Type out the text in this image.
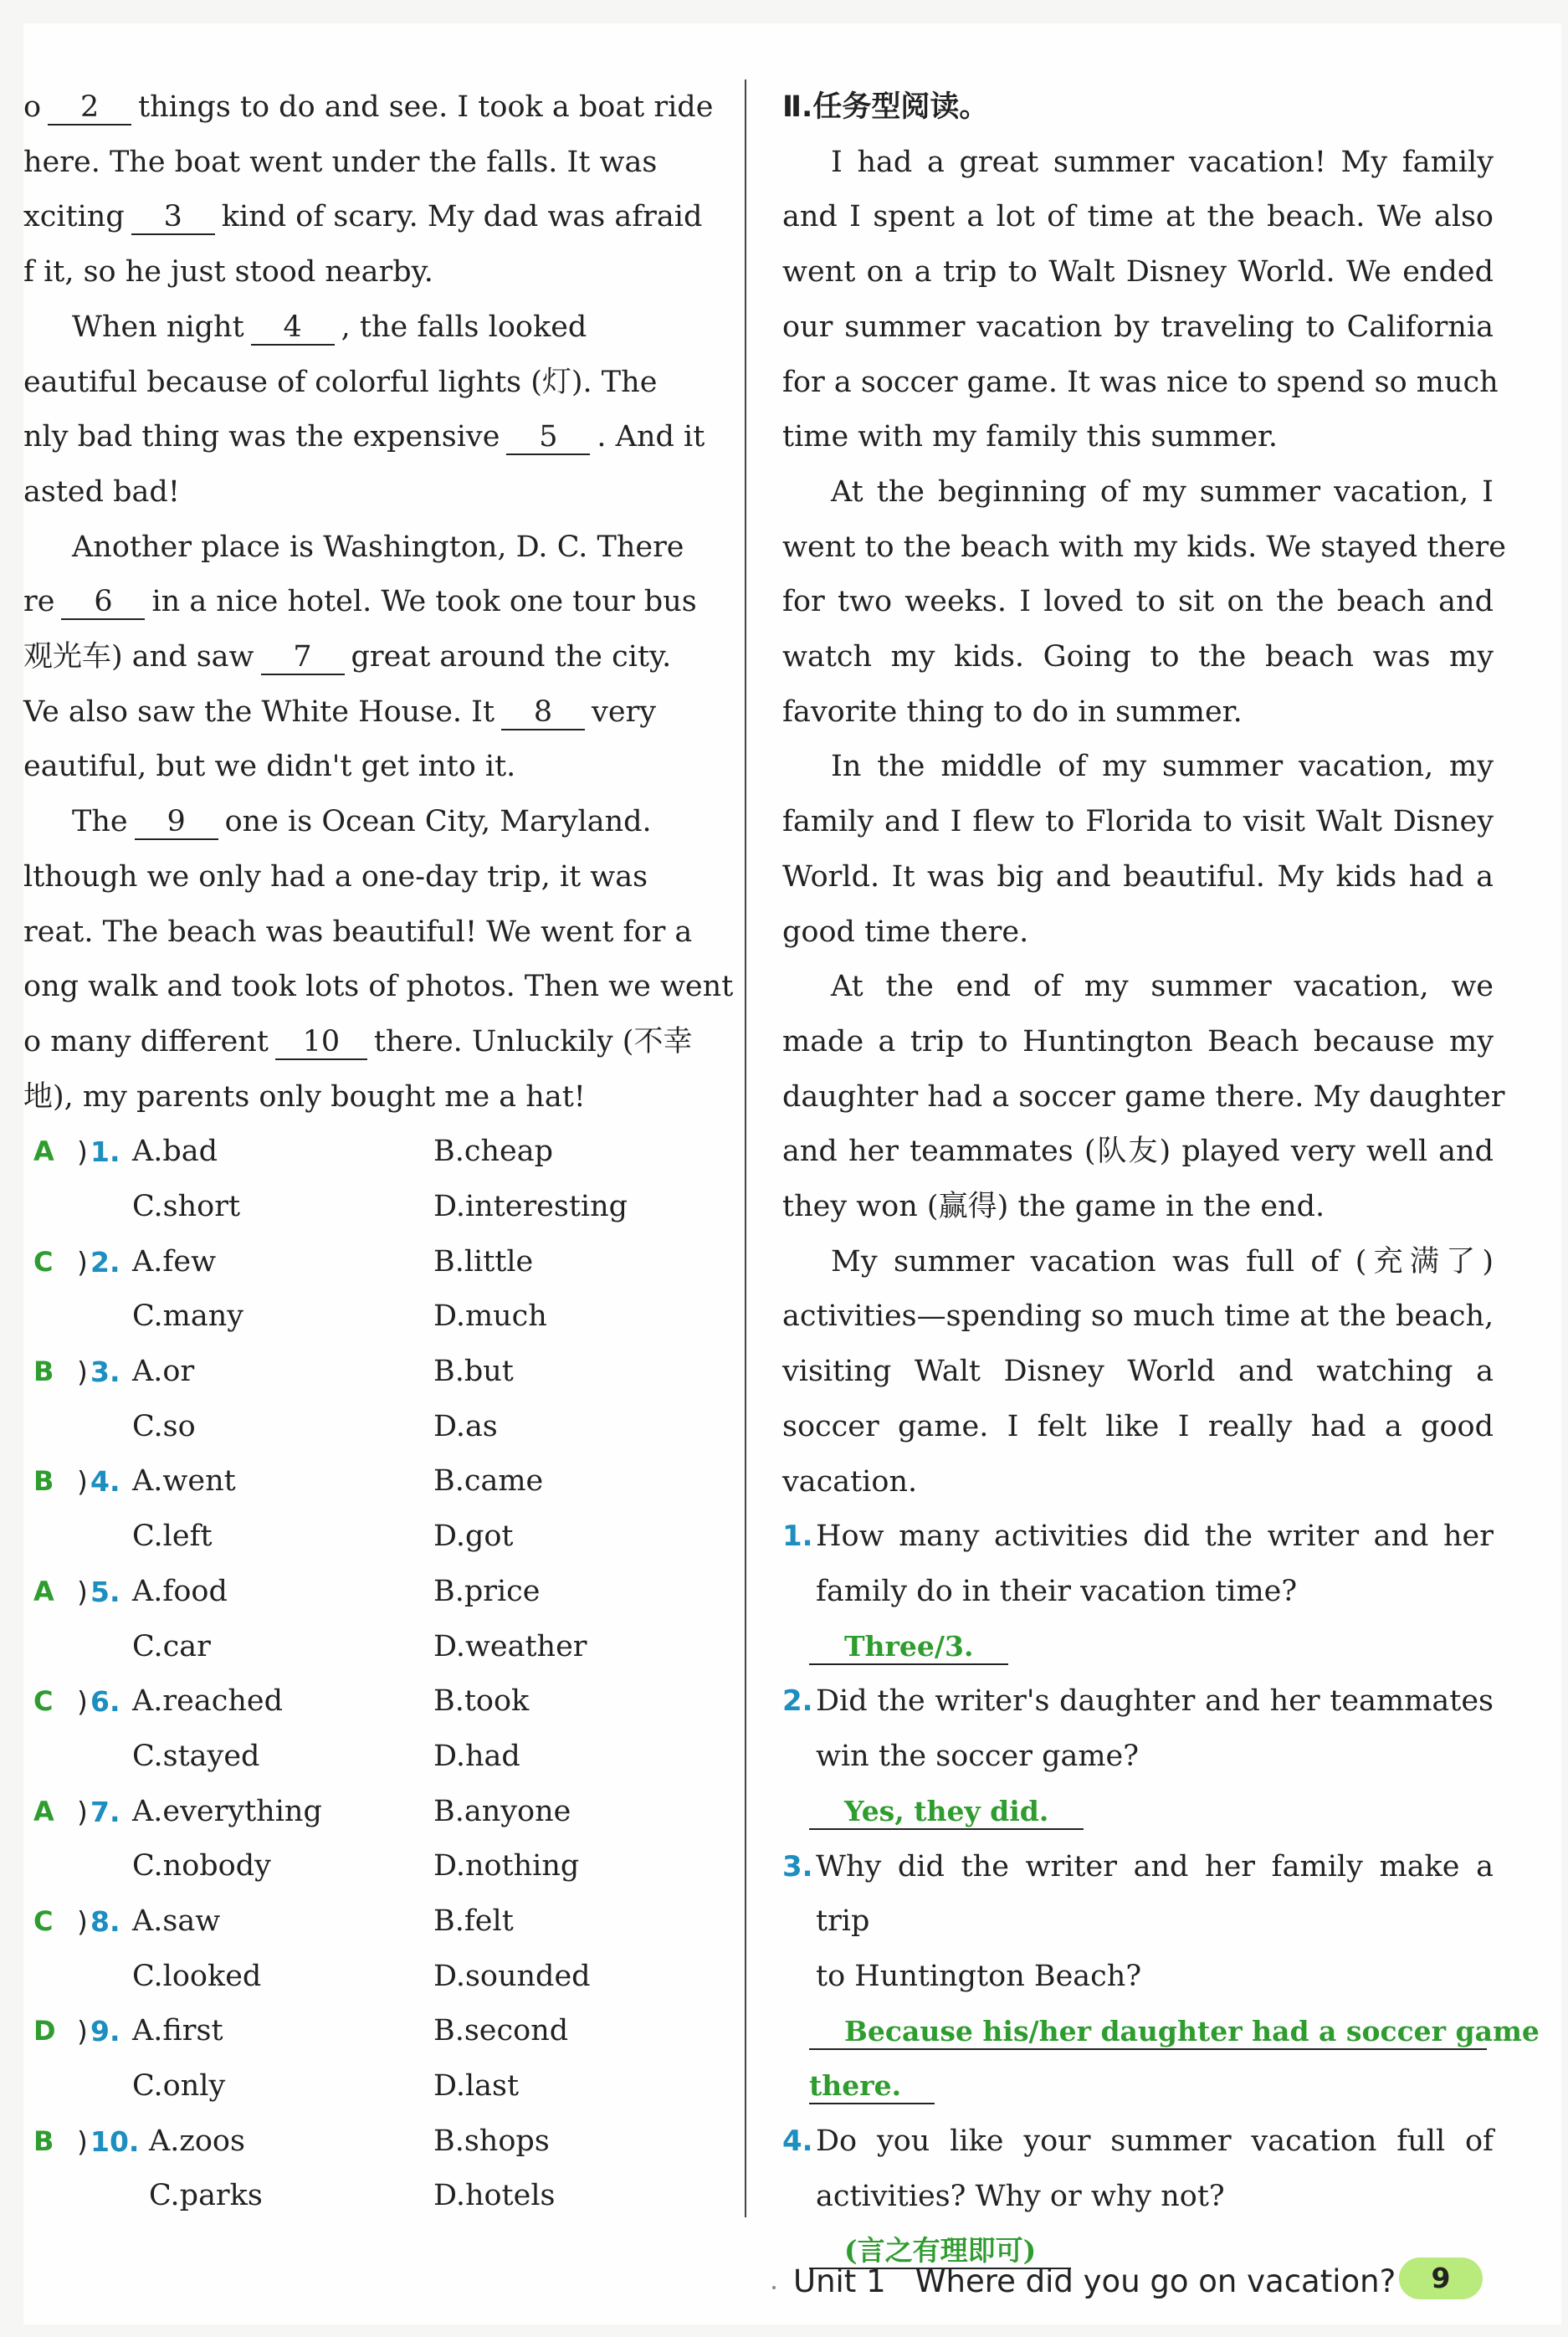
o 2 things to do and see. I took a boat ride
here. The boat went under the falls. It was
xciting 3 kind of scary. My dad was afraid
f it, so he just stood nearby.
When night 4 , the falls looked
eautiful because of colorful lights (灯). The
nly bad thing was the expensive 5 . And it
asted bad!
Another place is Washington, D. C. There
re 6 in a nice hotel. We took one tour bus
观光车) and saw 7 great around the city.
Ve also saw the White House. It 8 very
eautiful, but we didn't get into it.
The 9 one is Ocean City, Maryland.
lthough we only had a one-day trip, it was
reat. The beach was beautiful! We went for a
ong walk and took lots of photos. Then we went
o many different 10 there. Unluckily (不幸
地), my parents only bought me a hat!
A ) 1. A.bad	B.cheap
C.short	D.interesting
C ) 2. A.few	B.little
C.many	D.much
B ) 3. A.or	B.but
C.so	D.as
B ) 4. A.went	B.came
C.left	D.got
A ) 5. A.food	B.price
C.car	D.weather
C ) 6. A.reached	B.took
C.stayed	D.had
A ) 7. A.everything	B.anyone
C.nobody	D.nothing
C ) 8. A.saw	B.felt
C.looked	D.sounded
D ) 9. A.first	B.second
C.only	D.last
B ) 10. A.zoos	B.shops
C.parks	D.hotels
Ⅱ.任务型阅读。
I had a great summer vacation! My family
and I spent a lot of time at the beach. We also
went on a trip to Walt Disney World. We ended
our summer vacation by traveling to California
for a soccer game. It was nice to spend so much
time with my family this summer.
At the beginning of my summer vacation, I
went to the beach with my kids. We stayed there
for two weeks. I loved to sit on the beach and
watch my kids. Going to the beach was my
favorite thing to do in summer.
In the middle of my summer vacation, my
family and I flew to Florida to visit Walt Disney
World. It was big and beautiful. My kids had a
good time there.
At the end of my summer vacation, we
made a trip to Huntington Beach because my
daughter had a soccer game there. My daughter
and her teammates (队友) played very well and
they won (赢得) the game in the end.
My summer vacation was full of (充满了)
activities—spending so much time at the beach,
visiting Walt Disney World and watching a
soccer game. I felt like I really had a good
vacation.
1. How many activities did the writer and her
family do in their vacation time?
Three/3.
2. Did the writer's daughter and her teammates
win the soccer game?
Yes, they did.
3. Why did the writer and her family make a trip
to Huntington Beach?
Because his/her daughter had a soccer game
there.
4. Do you like your summer vacation full of
activities? Why or why not?
(言之有理即可)
Unit 1 Where did you go on vacation?	9
